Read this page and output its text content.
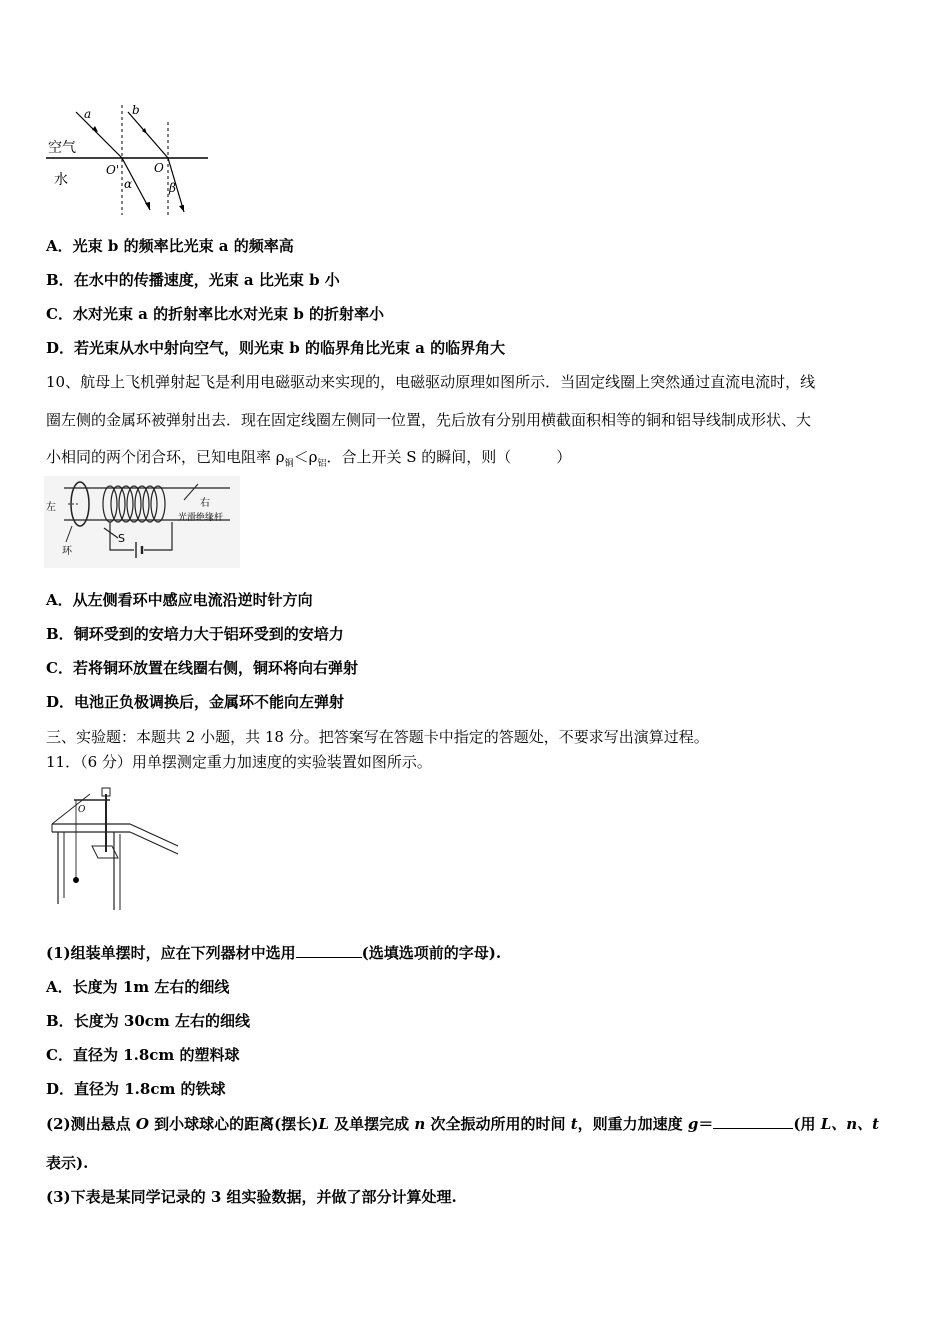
a	b
空气
水
O'	O
α	β
A．光束 b 的频率比光束 a 的频率高
B．在水中的传播速度，光束 a 比光束 b 小
C．水对光束 a 的折射率比水对光束 b 的折射率小
D．若光束从水中射向空气，则光束 b 的临界角比光束 a 的临界角大
10、航母上飞机弹射起飞是利用电磁驱动来实现的，电磁驱动原理如图所示．当固定线圈上突然通过直流电流时，线
圈左侧的金属环被弹射出去．现在固定线圈左侧同一位置，先后放有分别用横截面积相等的铜和铝导线制成形状、大
小相同的两个闭合环，已知电阻率 $\rho_铜<\rho_铝$．合上开关 S 的瞬间，则（　　　）
左	右
光滑绝缘杆
环
S
A．从左侧看环中感应电流沿逆时针方向
B．铜环受到的安培力大于铝环受到的安培力
C．若将铜环放置在线圈右侧，铜环将向右弹射
D．电池正负极调换后，金属环不能向左弹射
三、实验题：本题共 2 小题，共 18 分。把答案写在答题卡中指定的答题处，不要求写出演算过程。
11．（6 分）用单摆测定重力加速度的实验装置如图所示。
O
(1)组装单摆时，应在下列器材中选用	(选填选项前的字母).
A．长度为 1m 左右的细线
B．长度为 30cm 左右的细线
C．直径为 1.8cm 的塑料球
D．直径为 1.8cm 的铁球
(2)测出悬点 O 到小球球心的距离(摆长)L 及单摆完成 n 次全振动所用的时间 t，则重力加速度 g＝	(用 L、n、t
表示).
(3)下表是某同学记录的 3 组实验数据，并做了部分计算处理.
